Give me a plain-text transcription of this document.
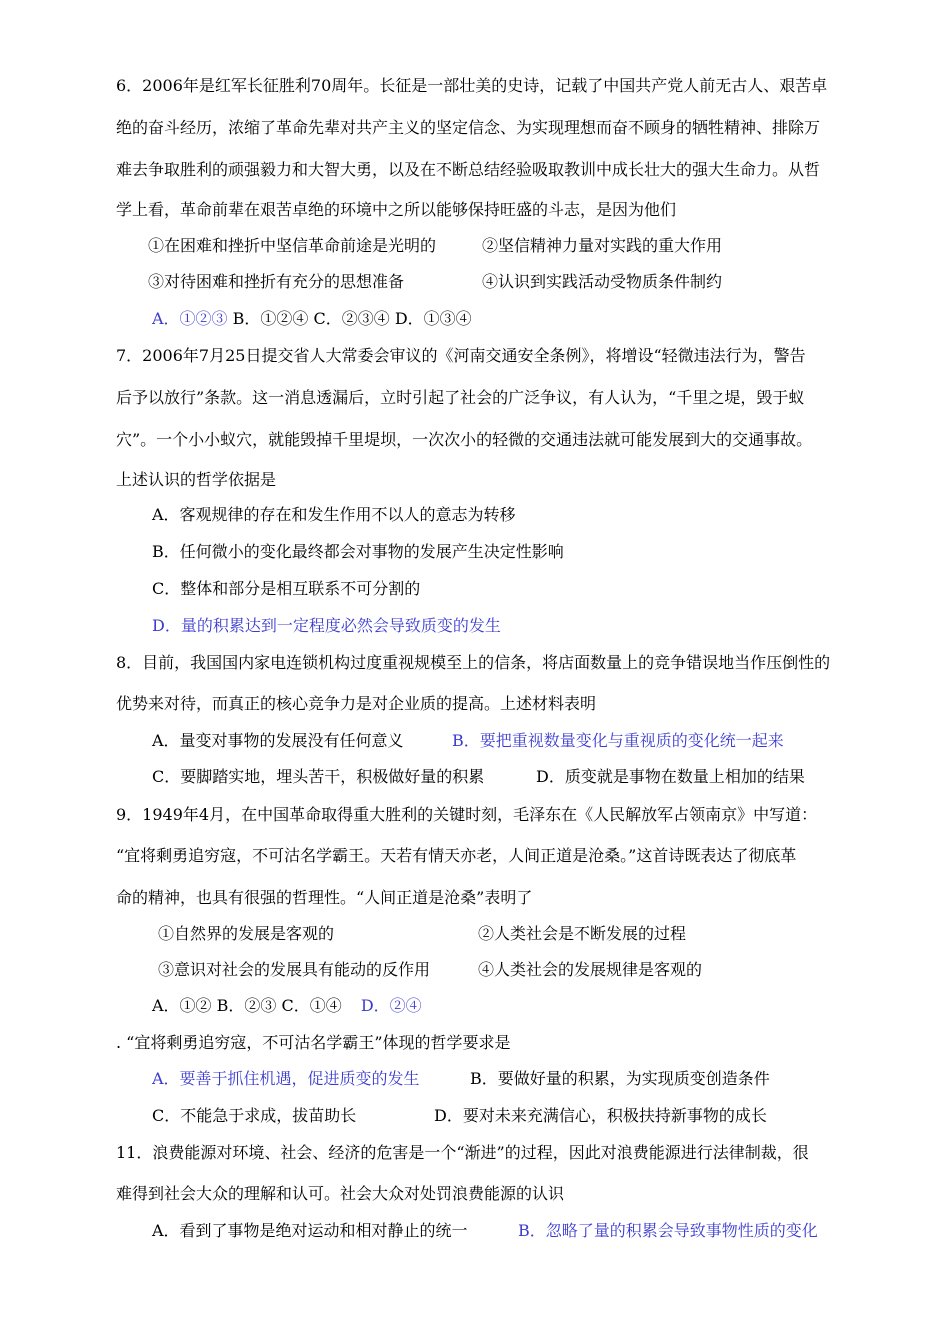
6．2006年是红军长征胜利70周年。长征是一部壮美的史诗，记载了中国共产党人前无古人、艰苦卓
绝的奋斗经历，浓缩了革命先辈对共产主义的坚定信念、为实现理想而奋不顾身的牺牲精神、排除万
难去争取胜利的顽强毅力和大智大勇，以及在不断总结经验吸取教训中成长壮大的强大生命力。从哲
学上看，革命前辈在艰苦卓绝的环境中之所以能够保持旺盛的斗志，是因为他们
①在困难和挫折中坚信革命前途是光明的	②坚信精神力量对实践的重大作用
③对待困难和挫折有充分的思想准备	④认识到实践活动受物质条件制约
A．①②③ B．①②④ C．②③④ D．①③④
7．2006年7月25日提交省人大常委会审议的《河南交通安全条例》，将增设“轻微违法行为，警告
后予以放行”条款。这一消息透漏后，立时引起了社会的广泛争议，有人认为，“千里之堤，毁于蚁
穴”。一个小小蚁穴，就能毁掉千里堤坝，一次次小的轻微的交通违法就可能发展到大的交通事故。
上述认识的哲学依据是
A．客观规律的存在和发生作用不以人的意志为转移
B．任何微小的变化最终都会对事物的发展产生决定性影响
C．整体和部分是相互联系不可分割的
D．量的积累达到一定程度必然会导致质变的发生
8．目前，我国国内家电连锁机构过度重视规模至上的信条，将店面数量上的竞争错误地当作压倒性的
优势来对待，而真正的核心竞争力是对企业质的提高。上述材料表明
A．量变对事物的发展没有任何意义	B．要把重视数量变化与重视质的变化统一起来
C．要脚踏实地，埋头苦干，积极做好量的积累	D．质变就是事物在数量上相加的结果
9．1949年4月，在中国革命取得重大胜利的关键时刻，毛泽东在《人民解放军占领南京》中写道：
“宜将剩勇追穷寇，不可沽名学霸王。天若有情天亦老，人间正道是沧桑。”这首诗既表达了彻底革
命的精神，也具有很强的哲理性。“人间正道是沧桑”表明了
①自然界的发展是客观的	②人类社会是不断发展的过程
③意识对社会的发展具有能动的反作用	④人类社会的发展规律是客观的
A．①② B．②③ C．①④ D．②④
. “宜将剩勇追穷寇，不可沽名学霸王”体现的哲学要求是
A．要善于抓住机遇，促进质变的发生	B．要做好量的积累，为实现质变创造条件
C．不能急于求成，拔苗助长	D．要对未来充满信心，积极扶持新事物的成长
11．浪费能源对环境、社会、经济的危害是一个“渐进”的过程，因此对浪费能源进行法律制裁，很
难得到社会大众的理解和认可。社会大众对处罚浪费能源的认识
A．看到了事物是绝对运动和相对静止的统一	B．忽略了量的积累会导致事物性质的变化
